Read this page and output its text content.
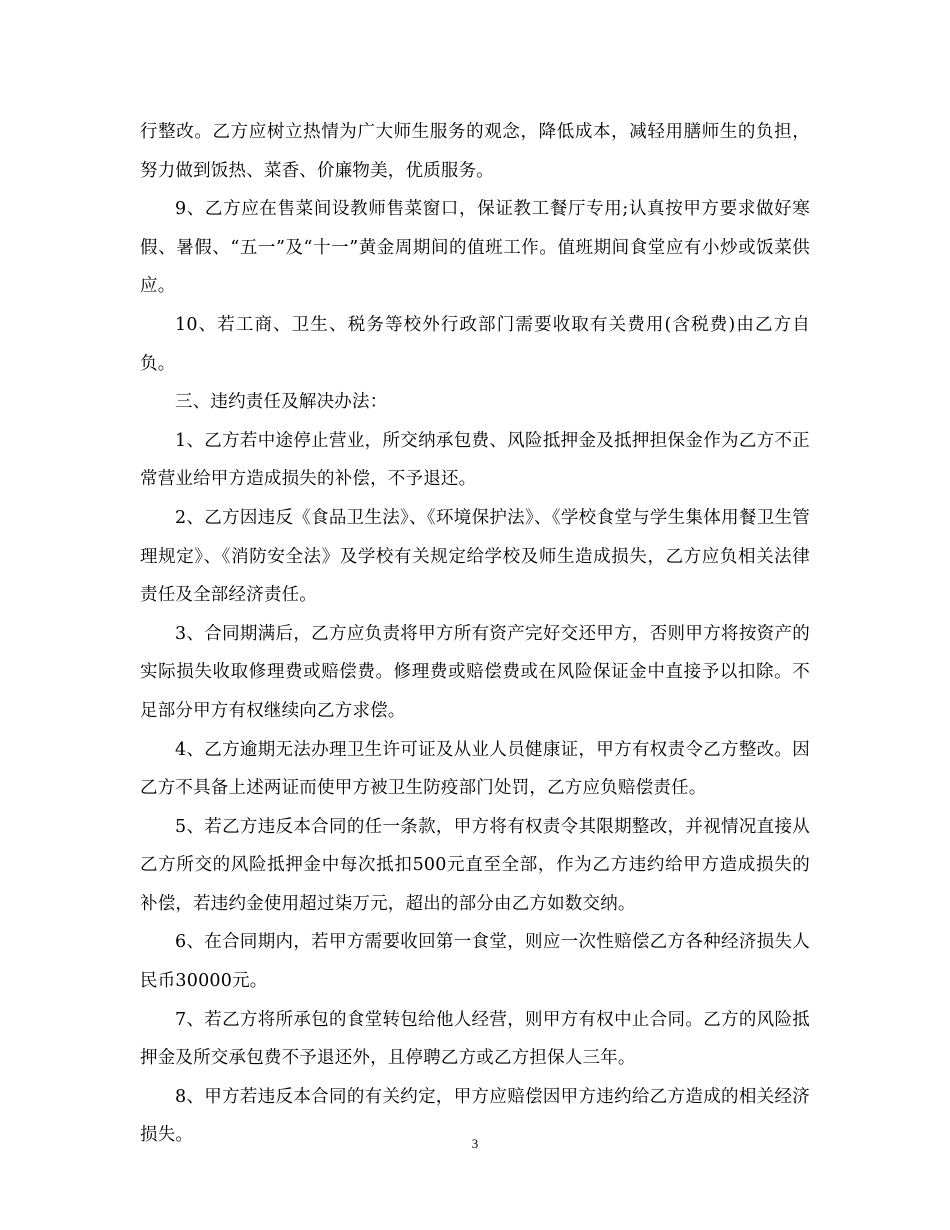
行整改。乙方应树立热情为广大师生服务的观念，降低成本，减轻用膳师生的负担，努力做到饭热、菜香、价廉物美，优质服务。

9、乙方应在售菜间设教师售菜窗口，保证教工餐厅专用;认真按甲方要求做好寒假、暑假、“五一”及“十一”黄金周期间的值班工作。值班期间食堂应有小炒或饭菜供应。

10、若工商、卫生、税务等校外行政部门需要收取有关费用(含税费)由乙方自负。

三、违约责任及解决办法：

1、乙方若中途停止营业，所交纳承包费、风险抵押金及抵押担保金作为乙方不正常营业给甲方造成损失的补偿，不予退还。

2、乙方因违反《食品卫生法》、《环境保护法》、《学校食堂与学生集体用餐卫生管理规定》、《消防安全法》及学校有关规定给学校及师生造成损失，乙方应负相关法律责任及全部经济责任。

3、合同期满后，乙方应负责将甲方所有资产完好交还甲方，否则甲方将按资产的实际损失收取修理费或赔偿费。修理费或赔偿费或在风险保证金中直接予以扣除。不足部分甲方有权继续向乙方求偿。

4、乙方逾期无法办理卫生许可证及从业人员健康证，甲方有权责令乙方整改。因乙方不具备上述两证而使甲方被卫生防疫部门处罚，乙方应负赔偿责任。

5、若乙方违反本合同的任一条款，甲方将有权责令其限期整改，并视情况直接从乙方所交的风险抵押金中每次抵扣500元直至全部，作为乙方违约给甲方造成损失的补偿，若违约金使用超过柒万元，超出的部分由乙方如数交纳。

6、在合同期内，若甲方需要收回第一食堂，则应一次性赔偿乙方各种经济损失人民币30000元。

7、若乙方将所承包的食堂转包给他人经营，则甲方有权中止合同。乙方的风险抵押金及所交承包费不予退还外，且停聘乙方或乙方担保人三年。

8、甲方若违反本合同的有关约定，甲方应赔偿因甲方违约给乙方造成的相关经济损失。	3
